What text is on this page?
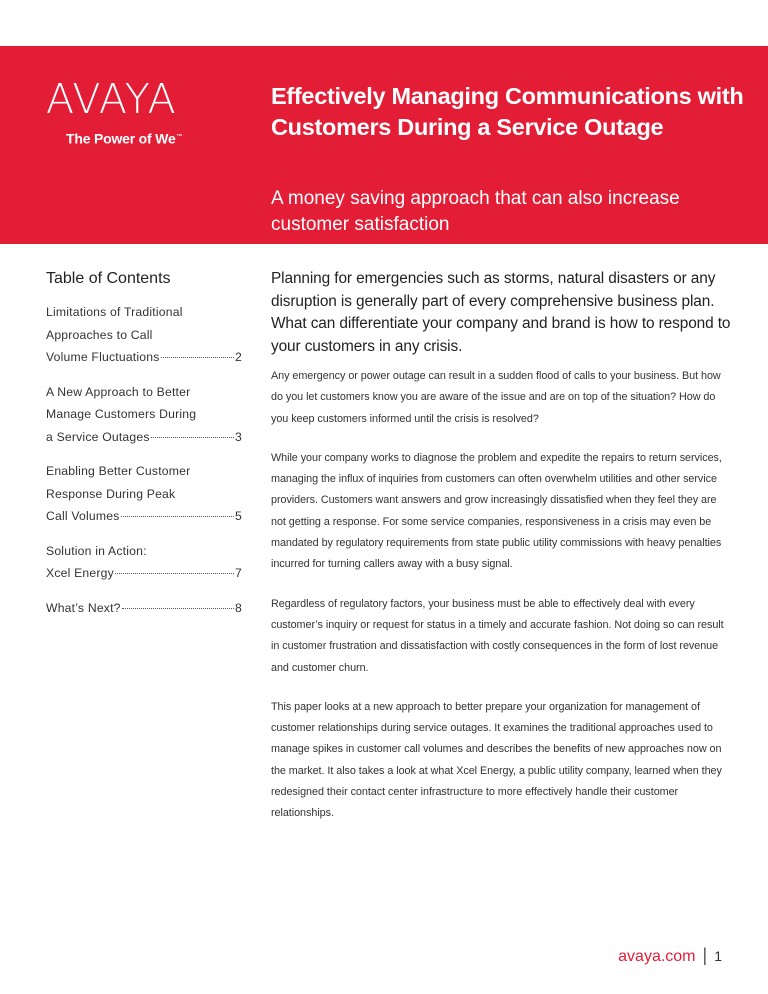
AVAYA
The Power of We™
Effectively Managing Communications with Customers During a Service Outage
A money saving approach that can also increase customer satisfaction
Table of Contents
Limitations of Traditional
Approaches to Call
Volume Fluctuations	2
A New Approach to Better
Manage Customers During
a Service Outages	3
Enabling Better Customer
Response During Peak
Call Volumes	5
Solution in Action:
Xcel Energy	7
What’s Next?	8

Planning for emergencies such as storms, natural disasters or any disruption is generally part of every comprehensive business plan. What can differentiate your company and brand is how to respond to your customers in any crisis.

Any emergency or power outage can result in a sudden flood of calls to your business. But how do you let customers know you are aware of the issue and are on top of the situation? How do you keep customers informed until the crisis is resolved?

While your company works to diagnose the problem and expedite the repairs to return services, managing the influx of inquiries from customers can often overwhelm utilities and other service providers. Customers want answers and grow increasingly dissatisfied when they feel they are not getting a response. For some service companies, responsiveness in a crisis may even be mandated by regulatory requirements from state public utility commissions with heavy penalties incurred for turning callers away with a busy signal.

Regardless of regulatory factors, your business must be able to effectively deal with every customer’s inquiry or request for status in a timely and accurate fashion. Not doing so can result in customer frustration and dissatisfaction with costly consequences in the form of lost revenue and customer churn.

This paper looks at a new approach to better prepare your organization for management of customer relationships during service outages. It examines the traditional approaches used to manage spikes in customer call volumes and describes the benefits of new approaches now on the market. It also takes a look at what Xcel Energy, a public utility company, learned when they redesigned their contact center infrastructure to more effectively handle their customer relationships.

avaya.com | 1
